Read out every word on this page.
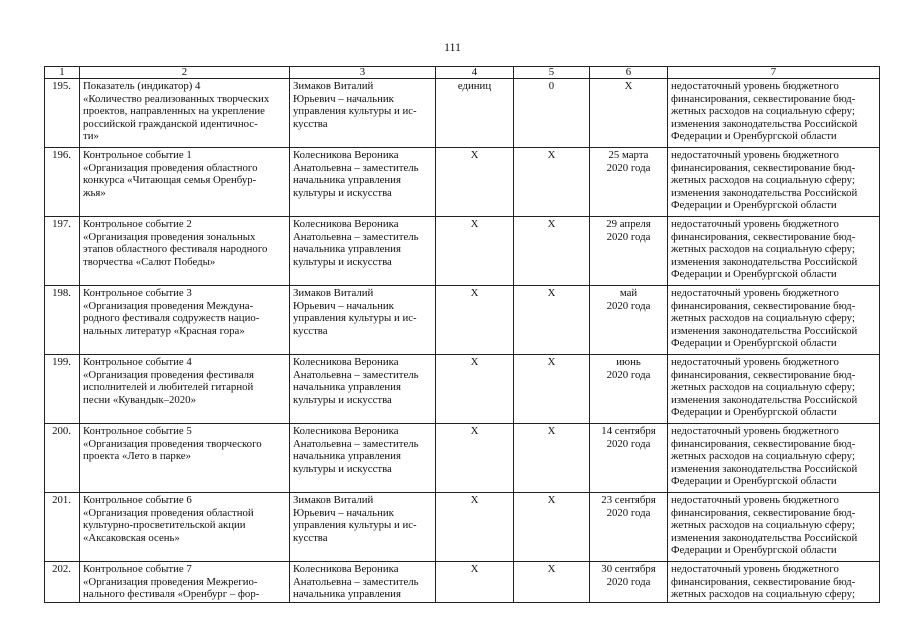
111
1	2	3	4	5	6	7
195.	Показатель (индикатор) 4
«Количество реализованных творческих
проектов, направленных на укрепление
российской гражданской идентичнос-
ти»	Зимаков Виталий
Юрьевич – начальник
управления культуры и ис-
кусства	единиц	0	Х	недостаточный уровень бюджетного
финансирования, секвестирование бюд-
жетных расходов на социальную сферу;
изменения законодательства Российской
Федерации и Оренбургской области
196.	Контрольное событие 1
«Организация проведения областного
конкурса «Читающая семья Оренбур-
жья»	Колесникова Вероника
Анатольевна – заместитель
начальника управления
культуры и искусства	Х	Х	25 марта
2020 года	недостаточный уровень бюджетного
финансирования, секвестирование бюд-
жетных расходов на социальную сферу;
изменения законодательства Российской
Федерации и Оренбургской области
197.	Контрольное событие 2
«Организация проведения зональных
этапов областного фестиваля народного
творчества «Салют Победы»	Колесникова Вероника
Анатольевна – заместитель
начальника управления
культуры и искусства	Х	Х	29 апреля
2020 года	недостаточный уровень бюджетного
финансирования, секвестирование бюд-
жетных расходов на социальную сферу;
изменения законодательства Российской
Федерации и Оренбургской области
198.	Контрольное событие 3
«Организация проведения Междуна-
родного фестиваля содружеств нацио-
нальных литератур «Красная гора»	Зимаков Виталий
Юрьевич – начальник
управления культуры и ис-
кусства	Х	Х	май
2020 года	недостаточный уровень бюджетного
финансирования, секвестирование бюд-
жетных расходов на социальную сферу;
изменения законодательства Российской
Федерации и Оренбургской области
199.	Контрольное событие 4
«Организация проведения фестиваля
исполнителей и любителей гитарной
песни «Кувандык–2020»	Колесникова Вероника
Анатольевна – заместитель
начальника управления
культуры и искусства	Х	Х	июнь
2020 года	недостаточный уровень бюджетного
финансирования, секвестирование бюд-
жетных расходов на социальную сферу;
изменения законодательства Российской
Федерации и Оренбургской области
200.	Контрольное событие 5
«Организация проведения творческого
проекта «Лето в парке»	Колесникова Вероника
Анатольевна – заместитель
начальника управления
культуры и искусства	Х	Х	14 сентября
2020 года	недостаточный уровень бюджетного
финансирования, секвестирование бюд-
жетных расходов на социальную сферу;
изменения законодательства Российской
Федерации и Оренбургской области
201.	Контрольное событие 6
«Организация проведения областной
культурно-просветительской акции
«Аксаковская осень»	Зимаков Виталий
Юрьевич – начальник
управления культуры и ис-
кусства	Х	Х	23 сентября
2020 года	недостаточный уровень бюджетного
финансирования, секвестирование бюд-
жетных расходов на социальную сферу;
изменения законодательства Российской
Федерации и Оренбургской области
202.	Контрольное событие 7
«Организация проведения Межрегио-
нального фестиваля «Оренбург – фор-	Колесникова Вероника
Анатольевна – заместитель
начальника управления	Х	Х	30 сентября
2020 года	недостаточный уровень бюджетного
финансирования, секвестирование бюд-
жетных расходов на социальную сферу;
